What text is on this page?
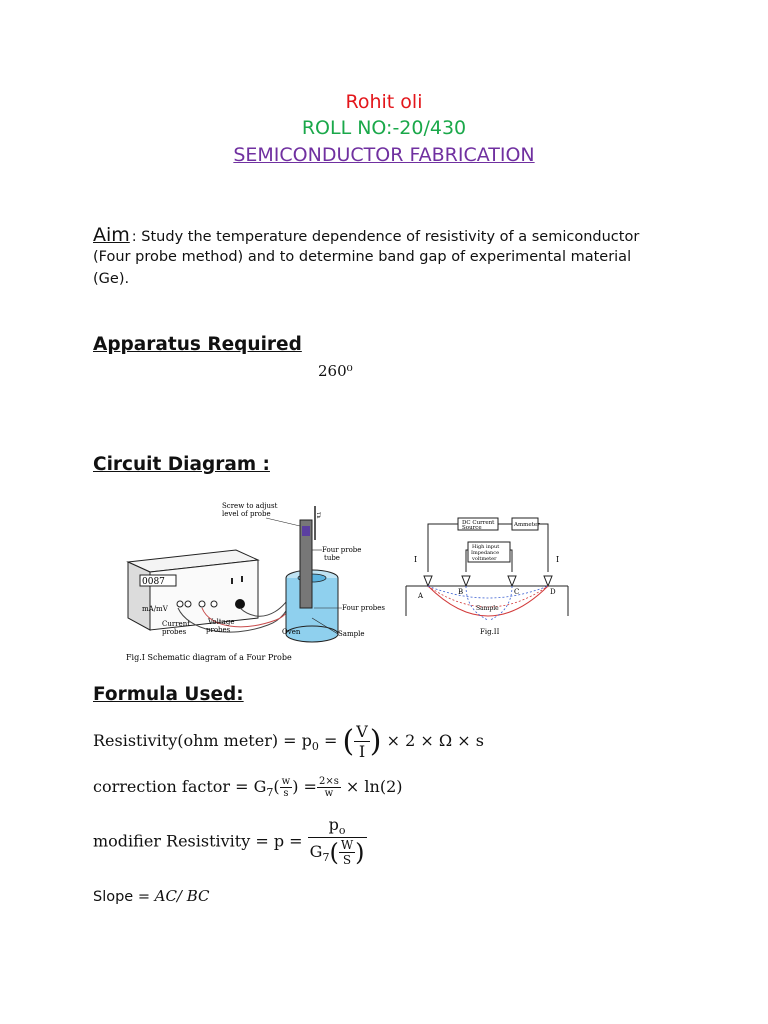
Rohit oli
ROLL NO:-20/430
SEMICONDUCTOR FABRICATION
Aim : Study the temperature dependence of resistivity of a semiconductor
(Four probe method) and to determine band gap of experimental material
(Ge).
Apparatus Required
260⁰
Circuit Diagram :
0087
mA/mV
Th
Screw to adjust
level of probe
Four probe
tube
Four probes
Sample
Oven
Current
probes
Voltage
probes
Fig.I Schematic diagram of a Four Probe
DC Current
Source	Ammeter
High input
Impedance
voltmeter
I	I
A	B	C	D
Sample
Fig.II
Formula Used:
Resistivity(ohm meter) = $p_0$ = ( $\frac{V}{I}$ ) × 2 × Ω × s
correction factor = $G_7( \frac{w}{s}$ ) = $\frac{2\times s}{w} \times \ln(2)$
modifier Resistivity = $p = \frac{p_o}{G_7( \frac{W}{S} )}$
Slope = AC/ BC
